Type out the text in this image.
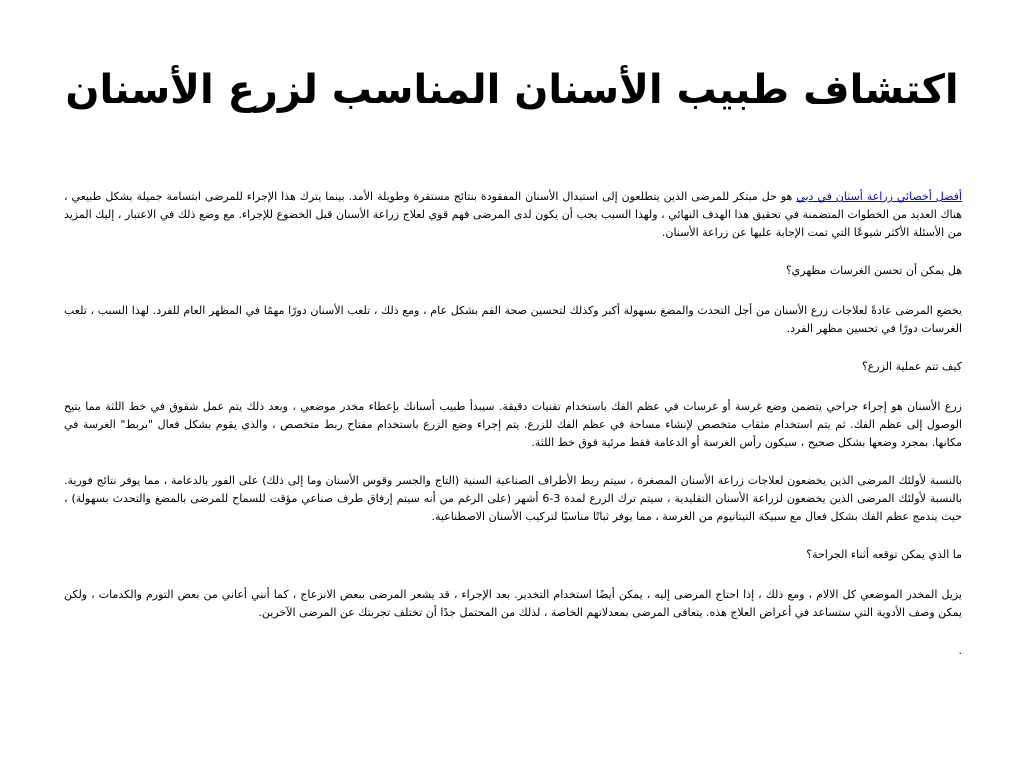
اكتشاف طبيب الأسنان المناسب لزرع الأسنان

أفضل أخصائي زراعة أسنان في دبي هو حل مبتكر للمرضى الذين يتطلعون إلى استبدال الأسنان المفقودة بنتائج مستقرة وطويلة الأمد. بينما يترك هذا الإجراء للمرضى ابتسامة جميلة بشكل طبيعي ، هناك العديد من الخطوات المتضمنة في تحقيق هذا الهدف النهائي ، ولهذا السبب يجب أن يكون لدى المرضى فهم قوي لعلاج زراعة الأسنان قبل الخضوع للإجراء. مع وضع ذلك في الاعتبار ، إليك المزيد من الأسئلة الأكثر شيوعًا التي تمت الإجابة عليها عن زراعة الأسنان.

هل يمكن أن تحسن الغرسات مظهري؟

يخضع المرضى عادةً لعلاجات زرع الأسنان من أجل التحدث والمضغ بسهولة أكبر وكذلك لتحسين صحة الفم بشكل عام ، ومع ذلك ، تلعب الأسنان دورًا مهمًا في المظهر العام للفرد. لهذا السبب ، تلعب الغرسات دورًا في تحسين مظهر الفرد.

كيف تتم عملية الزرع؟

زرع الأسنان هو إجراء جراحي يتضمن وضع غرسة أو غرسات في عظم الفك باستخدام تقنيات دقيقة. سيبدأ طبيب أسنانك بإعطاء مخدر موضعي ، وبعد ذلك يتم عمل شقوق في خط اللثة مما يتيح الوصول إلى عظم الفك. ثم يتم استخدام مثقاب متخصص لإنشاء مساحة في عظم الفك للزرع. يتم إجراء وضع الزرع باستخدام مفتاح ربط متخصص ، والذي يقوم بشكل فعال "بربط" الغرسة في مكانها. بمجرد وضعها بشكل صحيح ، سيكون رأس الغرسة أو الدعامة فقط مرئية فوق خط اللثة.

بالنسبة لأولئك المرضى الذين يخضعون لعلاجات زراعة الأسنان المصغرة ، سيتم ربط الأطراف الصناعية السنية (التاج والجسر وقوس الأسنان وما إلى ذلك) على الفور بالدعامة ، مما يوفر نتائج فورية. بالنسبة لأولئك المرضى الذين يخضعون لزراعة الأسنان التقليدية ، سيتم ترك الزرع لمدة 3-6 أشهر (على الرغم من أنه سيتم إرفاق طرف صناعي مؤقت للسماح للمرضى بالمضغ والتحدث بسهولة) ، حيث يندمج عظم الفك بشكل فعال مع سبيكة التيتانيوم من الغرسة ، مما يوفر ثباتًا مناسبًا لتركيب الأسنان الاصطناعية.

ما الذي يمكن توقعه أثناء الجراحة؟

يزيل المخدر الموضعي كل الالام ، ومع ذلك ، إذا احتاج المرضى إليه ، يمكن أيضًا استخدام التخدير. بعد الإجراء ، قد يشعر المرضى ببعض الانزعاج ، كما أنني أعاني من بعض التورم والكدمات ، ولكن يمكن وصف الأدوية التي ستساعد في أعراض العلاج هذه. يتعافى المرضى بمعدلاتهم الخاصة ، لذلك من المحتمل جدًا أن تختلف تجربتك عن المرضى الآخرين.

.
